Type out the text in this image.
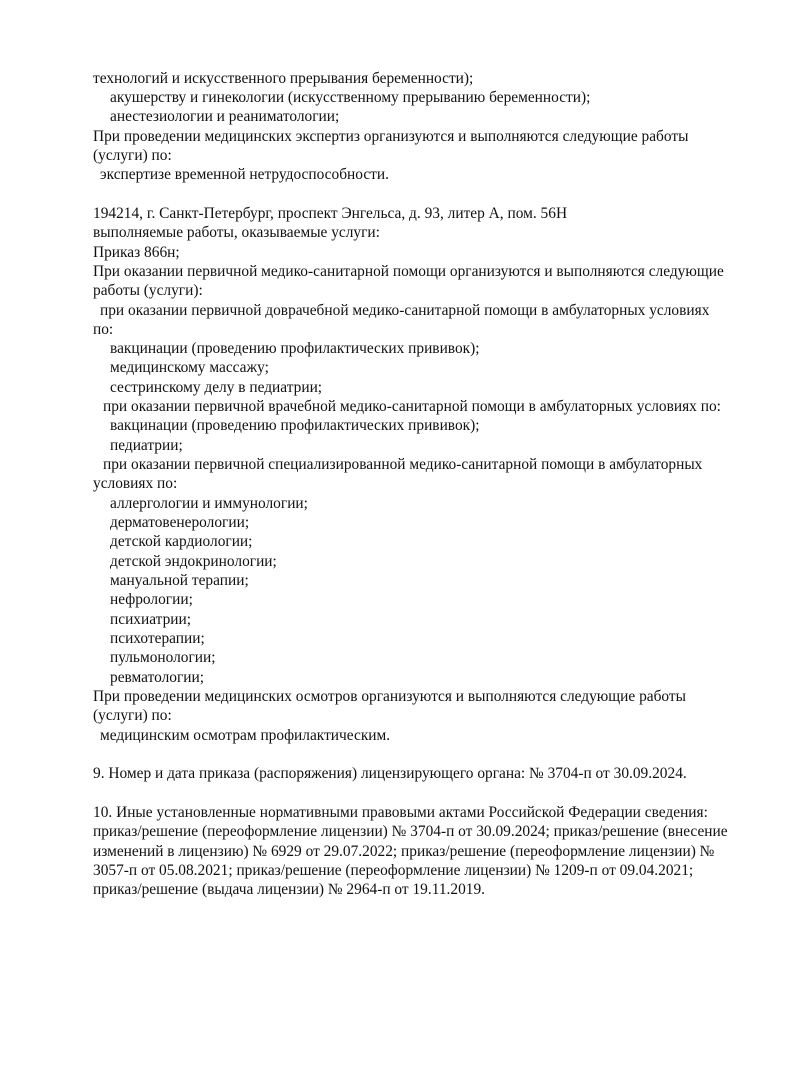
технологий и искусственного прерывания беременности);
акушерству и гинекологии (искусственному прерыванию беременности);
анестезиологии и реаниматологии;
При проведении медицинских экспертиз организуются и выполняются следующие работы
(услуги) по:
экспертизе временной нетрудоспособности.
194214, г. Санкт-Петербург, проспект Энгельса, д. 93, литер А, пом. 56Н
выполняемые работы, оказываемые услуги:
Приказ 866н;
При оказании первичной медико-санитарной помощи организуются и выполняются следующие
работы (услуги):
при оказании первичной доврачебной медико-санитарной помощи в амбулаторных условиях
по:
вакцинации (проведению профилактических прививок);
медицинскому массажу;
сестринскому делу в педиатрии;
при оказании первичной врачебной медико-санитарной помощи в амбулаторных условиях по:
вакцинации (проведению профилактических прививок);
педиатрии;
при оказании первичной специализированной медико-санитарной помощи в амбулаторных
условиях по:
аллергологии и иммунологии;
дерматовенерологии;
детской кардиологии;
детской эндокринологии;
мануальной терапии;
нефрологии;
психиатрии;
психотерапии;
пульмонологии;
ревматологии;
При проведении медицинских осмотров организуются и выполняются следующие работы
(услуги) по:
медицинским осмотрам профилактическим.
9. Номер и дата приказа (распоряжения) лицензирующего органа: № 3704-п от 30.09.2024.
10. Иные установленные нормативными правовыми актами Российской Федерации сведения:
приказ/решение (переоформление лицензии) № 3704-п от 30.09.2024; приказ/решение (внесение
изменений в лицензию) № 6929 от 29.07.2022; приказ/решение (переоформление лицензии) №
3057-п от 05.08.2021; приказ/решение (переоформление лицензии) № 1209-п от 09.04.2021;
приказ/решение (выдача лицензии) № 2964-п от 19.11.2019.
